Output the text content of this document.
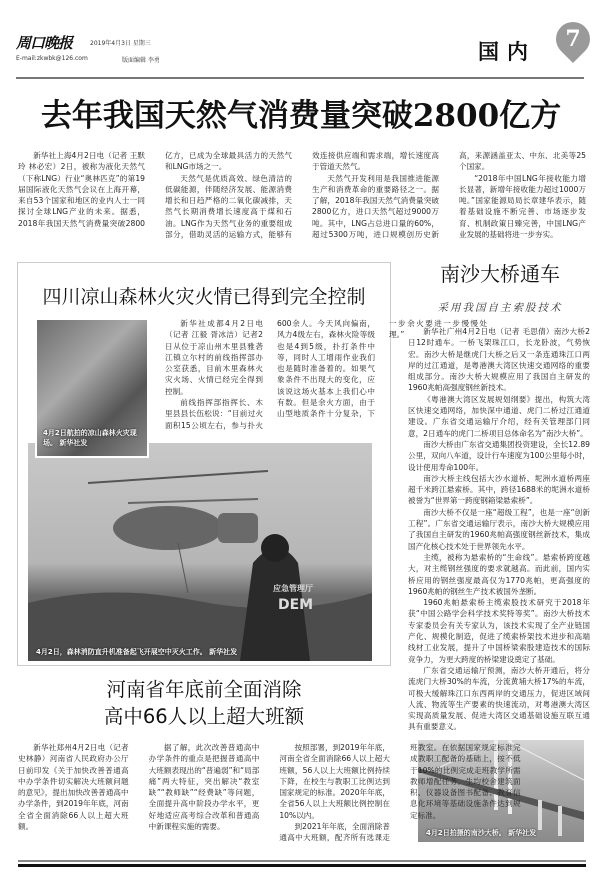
周口晚报	2019年4月3日 星期三
E-mail:zkwbk@126.com	版面编辑 李勇	国内	7
去年我国天然气消费量突破2800亿方

新华社上海4月2日电（记者 王默玲 林必宏）2日，被称为液化天然气（下称LNG）行业“奥林匹克”的第19届国际液化天然气会议在上海开幕，来自53个国家和地区的业内人士一同探讨全球LNG产业的未来。据悉，2018年我国天然气消费量突破2800亿方，已成为全球最具活力的天然气和LNG市场之一。

天然气是优质高效、绿色清洁的低碳能源，伴随经济发展、能源消费增长和日趋严格的二氧化碳减排，天然气长期消费增长速度高于煤和石油。LNG作为天然气业务的重要组成部分，借助灵活的运输方式，能够有效连接供应端和需求端，增长速度高于管道天然气。

天然气开发利用是我国推进能源生产和消费革命的重要路径之一。据了解，2018年我国天然气消费量突破2800亿方，进口天然气超过9000万吨。其中，LNG占总进口量的60%，超过5300万吨，进口规模创历史新高，来源涵盖亚太、中东、北美等25个国家。

“2018年中国LNG年接收能力增长显著，新增年接收能力超过1000万吨。”国家能源局局长章建华表示，随着基础设施不断完善、市场逐步发育、机制政策日臻完善，中国LNG产业发展的基础将进一步夯实。

四川凉山森林火灾火情已得到完全控制

新华社成都4月2日电（记者 江毅 胥冰洁）记者2日从位于凉山州木里县雅砻江镇立尔村的前线指挥部办公室获悉，目前木里森林火灾火场、火情已经完全得到控制。

前线指挥部指挥长、木里县县长伍松说：“目前过火面积15公顷左右，参与扑火600余人。今天风向偏南，风力4级左右，森林火险等级也是4到5级，扑打条件中等，同时人工增雨作业我们也是随时准备着的。如果气象条件不出现大的变化，应该说这场火基本上我们心中有数。但是余火方面，由于山型地质条件十分复杂，下一步余火要进一步慢慢处理。”

应急管理厅
DEM
4月2日，森林消防直升机准备起飞开展空中灭火工作。 新华社发
4月2日航拍的凉山森林火灾现场。 新华社发
南沙大桥通车
采用我国自主索股技术

新华社广州4月2日电（记者 毛思倩）南沙大桥2日12时通车。一桥飞架珠江口，长龙卧波，气势恢宏。南沙大桥是继虎门大桥之后又一条连通珠江口两岸的过江通道，是粤港澳大湾区快速交通网络的重要组成部分。南沙大桥大规模应用了我国自主研发的1960兆帕高强度钢丝新技术。

《粤港澳大湾区发展规划纲要》提出，构筑大湾区快速交通网络，加快深中通道、虎门二桥过江通道建设。广东省交通运输厅介绍，经有关管理部门同意，2日通车的虎门二桥项目总体命名为“南沙大桥”。

南沙大桥由广东省交通集团投资建设，全长12.89公里，双向八车道，设计行车速度为100公里每小时，设计使用寿命100年。

南沙大桥主线包括大沙水道桥、坭洲水道桥两座超千米跨江悬索桥。其中，跨径1688米的坭洲水道桥被誉为“世界第一跨度钢箱梁悬索桥”。

南沙大桥不仅是一座“超级工程”，也是一座“创新工程”。广东省交通运输厅表示，南沙大桥大规模应用了我国自主研发的1960兆帕高强度钢丝新技术，集成国产化核心技术处于世界领先水平。

主缆，被称为悬索桥的“生命线”。悬索桥跨度越大，对主缆钢丝强度的要求就越高。而此前，国内实桥应用的钢丝强度最高仅为1770兆帕，更高强度的1960兆帕的钢丝生产技术被国外垄断。

1960兆帕悬索桥主缆索股技术研究于2018年获“中国公路学会科学技术奖特等奖”。南沙大桥技术专家委员会有关专家认为，该技术实现了全产业链国产化、规模化制造，促进了缆索桥架技术进步和高端线材工业发展，提升了中国桥梁索股建造技术的国际竞争力，为更大跨度的桥梁建设奠定了基础。

广东省交通运输厅预测，南沙大桥开通后，将分流虎门大桥30%的车流，分流黄埔大桥17%的车流，可极大缓解珠江口东西两岸的交通压力，促进区域间人流、物流等生产要素的快速流动，对粤港澳大湾区实现高质量发展、促进大湾区交通基础设施互联互通具有重要意义。

4月2日拍摄的南沙大桥。 新华社发
河南省年底前全面消除
高中66人以上超大班额

新华社郑州4月2日电（记者 史林静）河南省人民政府办公厅日前印发《关于加快改善普通高中办学条件切实解决大班额问题的意见》，提出加快改善普通高中办学条件，到2019年年底，河南全省全面消除66人以上超大班额。

据了解，此次改善普通高中办学条件的重点是把握普通高中大班额表现出的“普遍弱”和“局部痛”两大特征，突出解决“教室缺”“教师缺”“经费缺”等问题，全面提升高中阶段办学水平，更好地适应高考综合改革和普通高中新课程实施的需要。

按照部署，到2019年年底，河南全省全面消除66人以上超大班额，56人以上大班额比例持续下降，在校生与教职工比例达到国家规定的标准。2020年年底，全省56人以上大班额比例控制在10%以内。

到2021年年底，全面消除普通高中大班额，配齐所有选课走班教室。在依据国家规定标准完成教职工配备的基础上，按不低于10%的比例完成走班教学所需教师增配任务。生均校舍建筑面积、仪器设备图书配备、教育信息化环境等基础设施条件达到规定标准。
